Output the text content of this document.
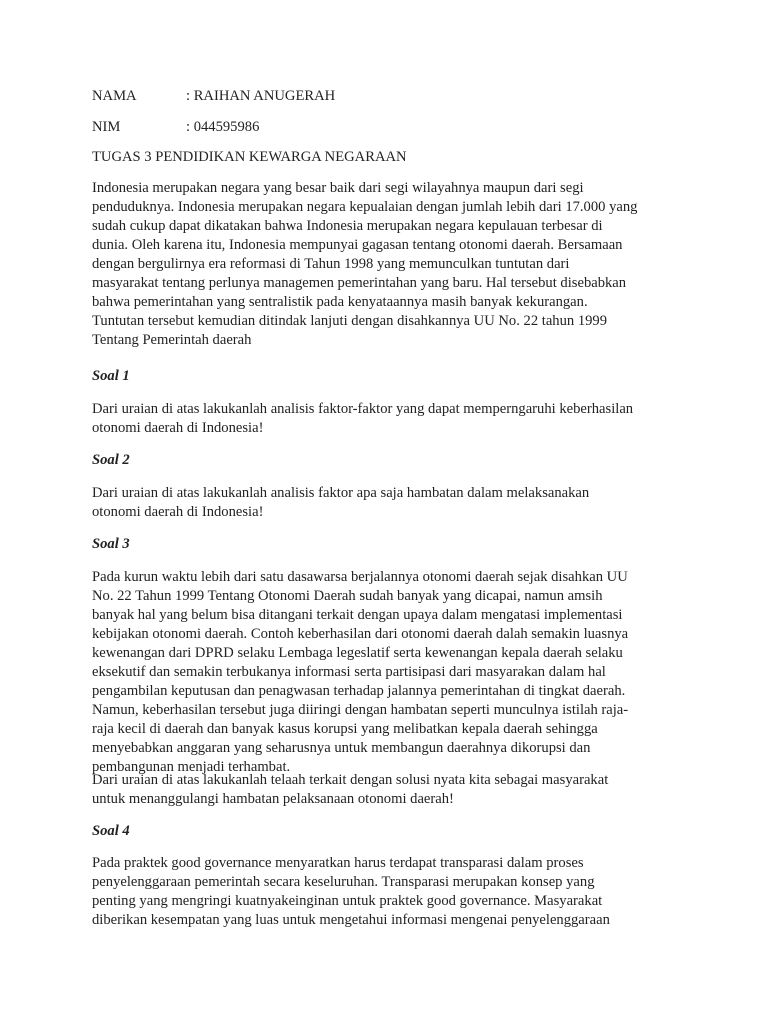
NAMA	: RAIHAN ANUGERAH
NIM	: 044595986
TUGAS 3 PENDIDIKAN KEWARGA NEGARAAN
Indonesia merupakan negara yang besar baik dari segi wilayahnya maupun dari segi
penduduknya. Indonesia merupakan negara kepualaian dengan jumlah lebih dari 17.000 yang
sudah cukup dapat dikatakan bahwa Indonesia merupakan negara kepulauan terbesar di
dunia. Oleh karena itu, Indonesia mempunyai gagasan tentang otonomi daerah. Bersamaan
dengan bergulirnya era reformasi di Tahun 1998 yang memunculkan tuntutan dari
masyarakat tentang perlunya managemen pemerintahan yang baru. Hal tersebut disebabkan
bahwa pemerintahan yang sentralistik pada kenyataannya masih banyak kekurangan.
Tuntutan tersebut kemudian ditindak lanjuti dengan disahkannya UU No. 22 tahun 1999
Tentang Pemerintah daerah
Soal 1
Dari uraian di atas lakukanlah analisis faktor-faktor yang dapat memperngaruhi keberhasilan
otonomi daerah di Indonesia!
Soal 2
Dari uraian di atas lakukanlah analisis faktor apa saja hambatan dalam melaksanakan
otonomi daerah di Indonesia!
Soal 3
Pada kurun waktu lebih dari satu dasawarsa berjalannya otonomi daerah sejak disahkan UU
No. 22 Tahun 1999 Tentang Otonomi Daerah sudah banyak yang dicapai, namun amsih
banyak hal yang belum bisa ditangani terkait dengan upaya dalam mengatasi implementasi
kebijakan otonomi daerah. Contoh keberhasilan dari otonomi daerah dalah semakin luasnya
kewenangan dari DPRD selaku Lembaga legeslatif serta kewenangan kepala daerah selaku
eksekutif dan semakin terbukanya informasi serta partisipasi dari masyarakan dalam hal
pengambilan keputusan dan penagwasan terhadap jalannya pemerintahan di tingkat daerah.
Namun, keberhasilan tersebut juga diiringi dengan hambatan seperti munculnya istilah raja-
raja kecil di daerah dan banyak kasus korupsi yang melibatkan kepala daerah sehingga
menyebabkan anggaran yang seharusnya untuk membangun daerahnya dikorupsi dan
pembangunan menjadi terhambat.
Dari uraian di atas lakukanlah telaah terkait dengan solusi nyata kita sebagai masyarakat
untuk menanggulangi hambatan pelaksanaan otonomi daerah!
Soal 4
Pada praktek good governance menyaratkan harus terdapat transparasi dalam proses
penyelenggaraan pemerintah secara keseluruhan. Transparasi merupakan konsep yang
penting yang mengringi kuatnyakeinginan untuk praktek good governance. Masyarakat
diberikan kesempatan yang luas untuk mengetahui informasi mengenai penyelenggaraan
